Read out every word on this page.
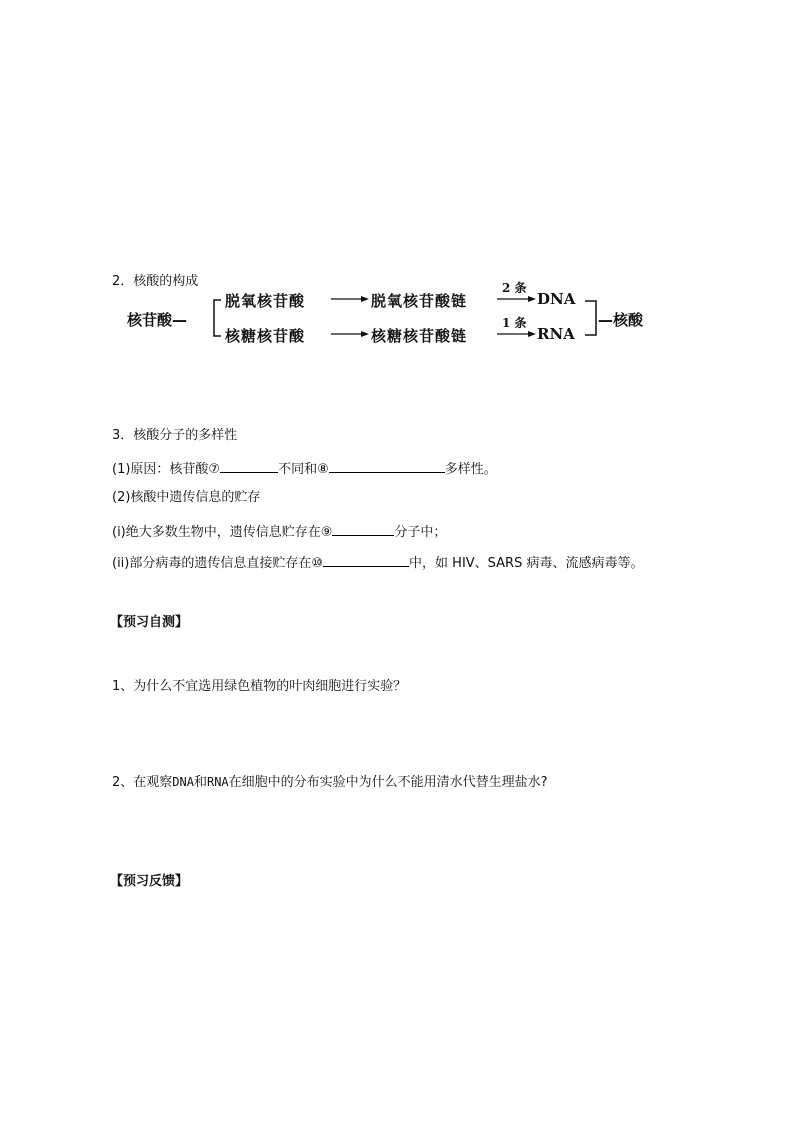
2．核酸的构成
核苷酸—
脱氧核苷酸	脱氧核苷酸链
2 条
DNA
核糖核苷酸	核糖核苷酸链
1 条
RNA
—核酸
3．核酸分子的多样性
(1)原因：核苷酸⑦	不同和⑧	多样性。
(2)核酸中遗传信息的贮存
(i)绝大多数生物中，遗传信息贮存在⑨	分子中；
(ii)部分病毒的遗传信息直接贮存在⑩	中，如 HIV、SARS 病毒、流感病毒等。
【预习自测】
1、为什么不宜选用绿色植物的叶肉细胞进行实验？
2、在观察DNA和RNA在细胞中的分布实验中为什么不能用清水代替生理盐水?
【预习反馈】
